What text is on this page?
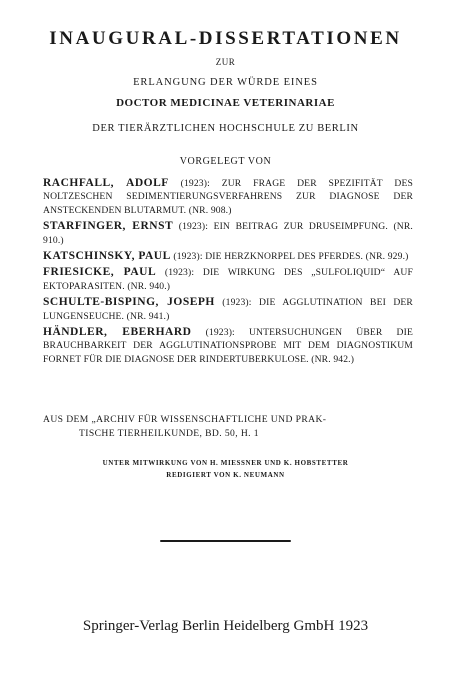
INAUGURAL-DISSERTATIONEN
ZUR
ERLANGUNG DER WÜRDE EINES
DOCTOR MEDICINAE VETERINARIAE
DER TIERÄRZTLICHEN HOCHSCHULE ZU BERLIN
VORGELEGT VON
RACHFALL, ADOLF (1923): ZUR FRAGE DER SPEZIFITÄT DES NOLTZESCHEN SEDIMENTIERUNGSVERFAHRENS ZUR DIAGNOSE DER ANSTECKENDEN BLUTARMUT. (NR. 908.)
STARFINGER, ERNST (1923): EIN BEITRAG ZUR DRUSEIMPFUNG. (NR. 910.)
KATSCHINSKY, PAUL (1923): DIE HERZKNORPEL DES PFERDES. (NR. 929.)
FRIESICKE, PAUL (1923): DIE WIRKUNG DES „SULFOLIQUID“ AUF EKTOPARASITEN. (NR. 940.)
SCHULTE-BISPING, JOSEPH (1923): DIE AGGLUTINATION BEI DER LUNGENSEUCHE. (NR. 941.)
HÄNDLER, EBERHARD (1923): UNTERSUCHUNGEN ÜBER DIE BRAUCHBARKEIT DER AGGLUTINATIONSPROBE MIT DEM DIAGNOSTIKUM FORNET FÜR DIE DIAGNOSE DER RINDERTUBERKULOSE. (NR. 942.)
AUS DEM „ARCHIV FÜR WISSENSCHAFTLICHE UND PRAK-
TISCHE TIERHEILKUNDE, BD. 50, H. 1
UNTER MITWIRKUNG VON H. MIESSNER UND K. HOBSTETTER
REDIGIERT VON K. NEUMANN
Springer-Verlag Berlin Heidelberg GmbH 1923
